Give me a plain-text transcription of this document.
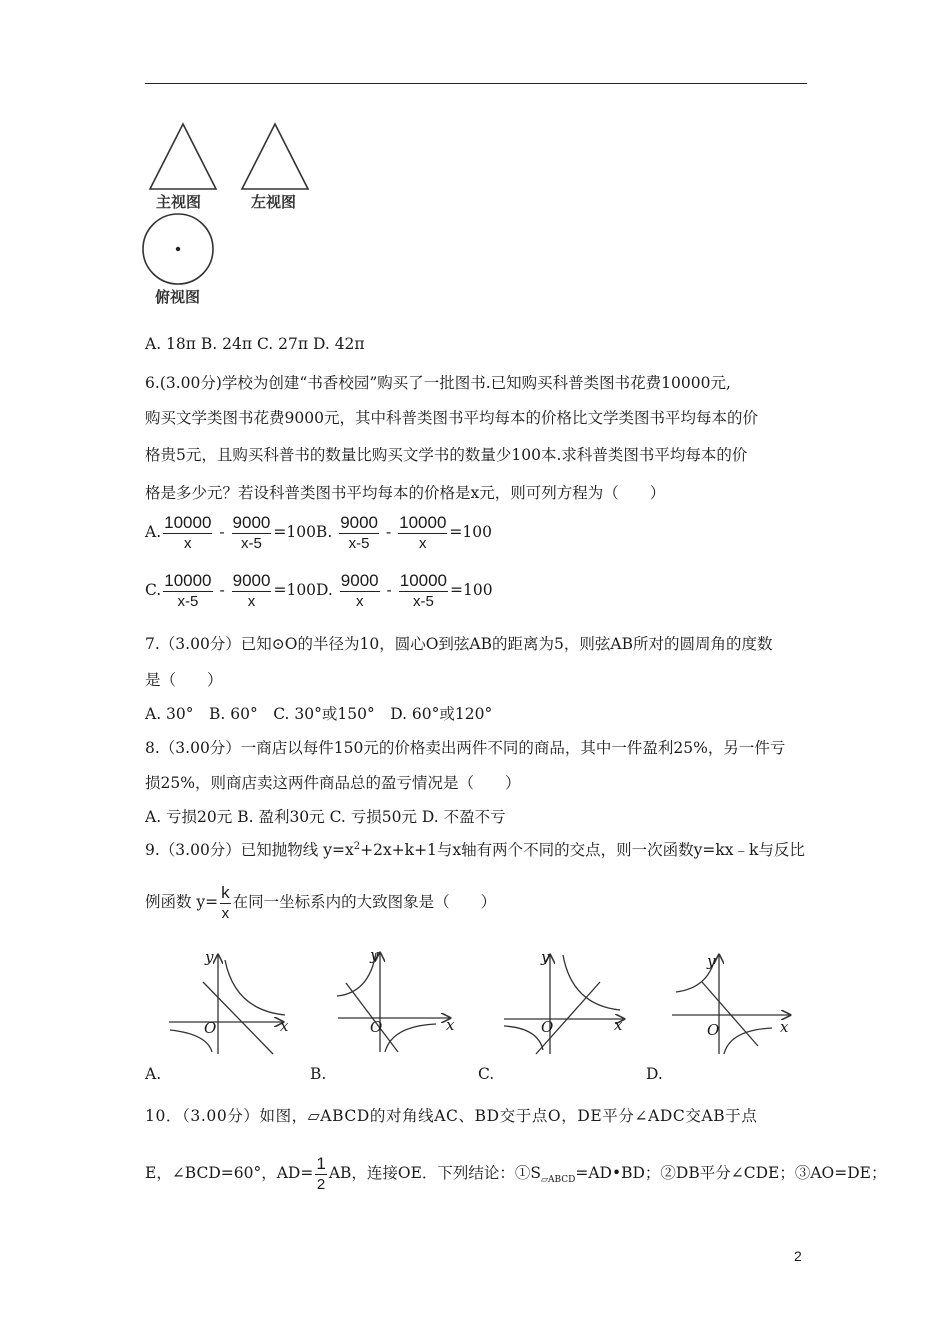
主视图	左视图
俯视图
A. 18π B. 24π C. 27π D. 42π
6.(3.00分)学校为创建“书香校园”购买了一批图书.已知购买科普类图书花费10000元,
购买文学类图书花费9000元，其中科普类图书平均每本的价格比文学类图书平均每本的价
格贵5元，且购买科普书的数量比购买文学书的数量少100本.求科普类图书平均每本的价
格是多少元？若设科普类图书平均每本的价格是x元，则可列方程为（　　）
A. $\frac{10000}{x} - \frac{9000}{x-5} =100B$. $\frac{9000}{x-5} - \frac{10000}{x} =100$
C. $\frac{10000}{x-5} - \frac{9000}{x} =100D$. $\frac{9000}{x} - \frac{10000}{x-5} =100$
7.（3.00分）已知⊙O的半径为10，圆心O到弦AB的距离为5，则弦AB所对的圆周角的度数
是（　　）
A. 30°　B. 60°　C. 30°或150°　D. 60°或120°
8.（3.00分）一商店以每件150元的价格卖出两件不同的商品，其中一件盈利25%，另一件亏
损25%，则商店卖这两件商品总的盈亏情况是（　　）
A. 亏损20元 B. 盈利30元 C. 亏损50元 D. 不盈不亏
9.（3.00分）已知抛物线 $y=x^2+2x+k+1$与x轴有两个不同的交点，则一次函数y=kx﹣k与反比
例函数 $y= \frac{k}{x}$ 在同一坐标系内的大致图象是（　　）
y
x
O
y
x
O
y
x
O
y
x
O
A.	B.	C.	D.
10．（3.00分）如图，▱ABCD的对角线AC、BD交于点O，DE平分∠ADC交AB于点
E，∠BCD=60°，$AD= \frac{1}{2}$ AB，连接OE．下列结论：$①S_{▱ABCD}=AD•BD$；②DB平分∠CDE；③AO=DE；
2
